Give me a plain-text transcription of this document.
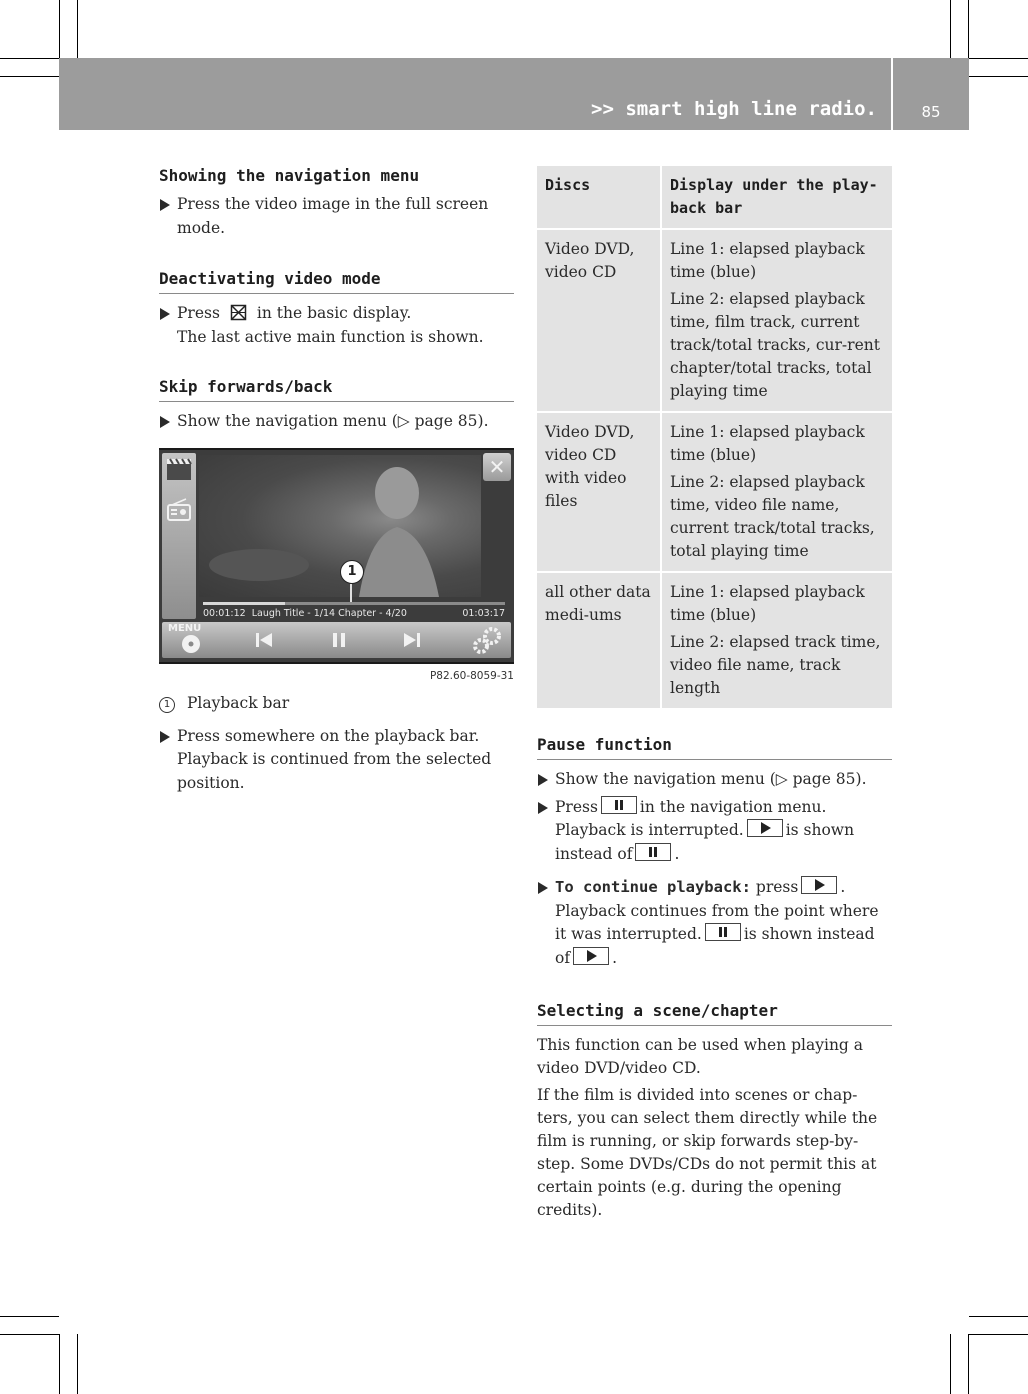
>> smart high line radio.	85
Showing the navigation menu
Press the video image in the full screen mode.
Deactivating video mode
Press in the basic display.
The last active main function is shown.
Skip forwards/back
Show the navigation menu (▷ page 85).
✕
1
00:01:12 Laugh Title - 1/14 Chapter - 4/20	01:03:17
MENU
P82.60-8059-31
1 Playback bar
Press somewhere on the playback bar.
Playback is continued from the selected position.
Discs	Display under the play-back bar
Video DVD, video CD	Line 1: elapsed playback time (blue)
Line 2: elapsed playback time, film track, current track/total tracks, cur-rent chapter/total tracks, total playing time

Video DVD, video CD with video files	Line 1: elapsed playback time (blue)
Line 2: elapsed playback time, video file name, current track/total tracks, total playing time

all other data medi-ums	Line 1: elapsed playback time (blue)
Line 2: elapsed track time, video file name, track length
Pause function
Show the navigation menu (▷ page 85).
Press	in the navigation menu.
Playback is interrupted.	is shown instead of	.
To continue playback: press	.
Playback continues from the point where it was interrupted.	is shown instead of	.
Selecting a scene/chapter

This function can be used when playing a video DVD/video CD.

If the film is divided into scenes or chap-ters, you can select them directly while the film is running, or skip forwards step-by-step. Some DVDs/CDs do not permit this at certain points (e.g. during the opening credits).
